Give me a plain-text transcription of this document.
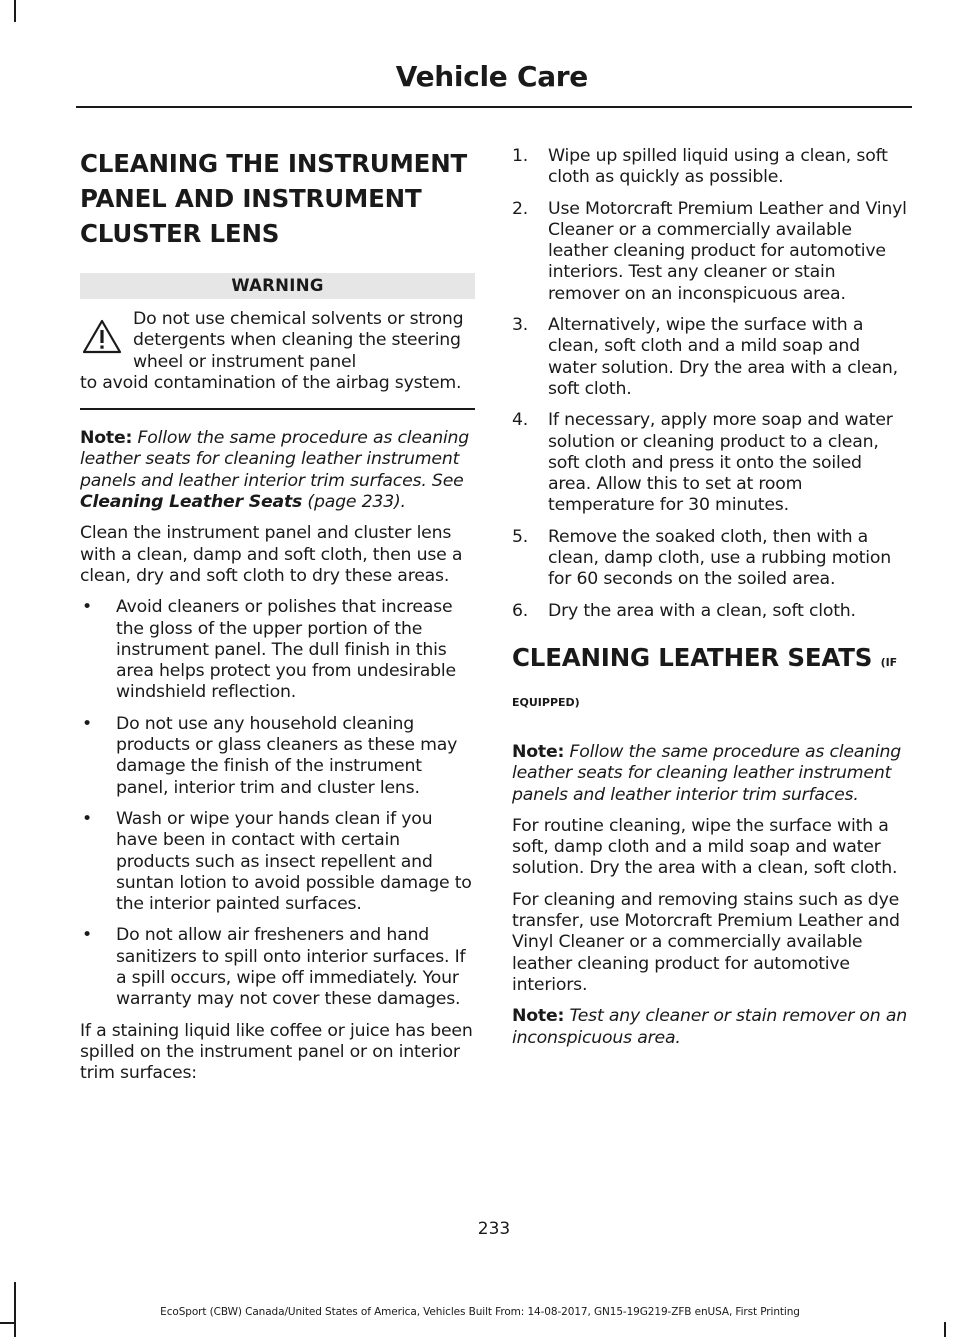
Vehicle Care
CLEANING THE INSTRUMENT PANEL AND INSTRUMENT CLUSTER LENS
WARNING

Do not use chemical solvents or strong detergents when cleaning the steering wheel or instrument panel
to avoid contamination of the airbag system.

Note: Follow the same procedure as cleaning leather seats for cleaning leather instrument panels and leather interior trim surfaces. See Cleaning Leather Seats (page 233).

Clean the instrument panel and cluster lens with a clean, damp and soft cloth, then use a clean, dry and soft cloth to dry these areas.

• Avoid cleaners or polishes that increase the gloss of the upper portion of the instrument panel. The dull finish in this area helps protect you from undesirable windshield reflection.
• Do not use any household cleaning products or glass cleaners as these may damage the finish of the instrument panel, interior trim and cluster lens.
• Wash or wipe your hands clean if you have been in contact with certain products such as insect repellent and suntan lotion to avoid possible damage to the interior painted surfaces.
• Do not allow air fresheners and hand sanitizers to spill onto interior surfaces. If a spill occurs, wipe off immediately. Your warranty may not cover these damages.

If a staining liquid like coffee or juice has been spilled on the instrument panel or on interior trim surfaces:

1. Wipe up spilled liquid using a clean, soft cloth as quickly as possible.
2. Use Motorcraft Premium Leather and Vinyl Cleaner or a commercially available leather cleaning product for automotive interiors. Test any cleaner or stain remover on an inconspicuous area.
3. Alternatively, wipe the surface with a clean, soft cloth and a mild soap and water solution. Dry the area with a clean, soft cloth.
4. If necessary, apply more soap and water solution or cleaning product to a clean, soft cloth and press it onto the soiled area. Allow this to set at room temperature for 30 minutes.
5. Remove the soaked cloth, then with a clean, damp cloth, use a rubbing motion for 60 seconds on the soiled area.
6. Dry the area with a clean, soft cloth.
CLEANING LEATHER SEATS (IF EQUIPPED)

Note: Follow the same procedure as cleaning leather seats for cleaning leather instrument panels and leather interior trim surfaces.

For routine cleaning, wipe the surface with a soft, damp cloth and a mild soap and water solution. Dry the area with a clean, soft cloth.

For cleaning and removing stains such as dye transfer, use Motorcraft Premium Leather and Vinyl Cleaner or a commercially available leather cleaning product for automotive interiors.

Note: Test any cleaner or stain remover on an inconspicuous area.

233
EcoSport (CBW) Canada/United States of America, Vehicles Built From: 14-08-2017, GN15-19G219-ZFB enUSA, First Printing
